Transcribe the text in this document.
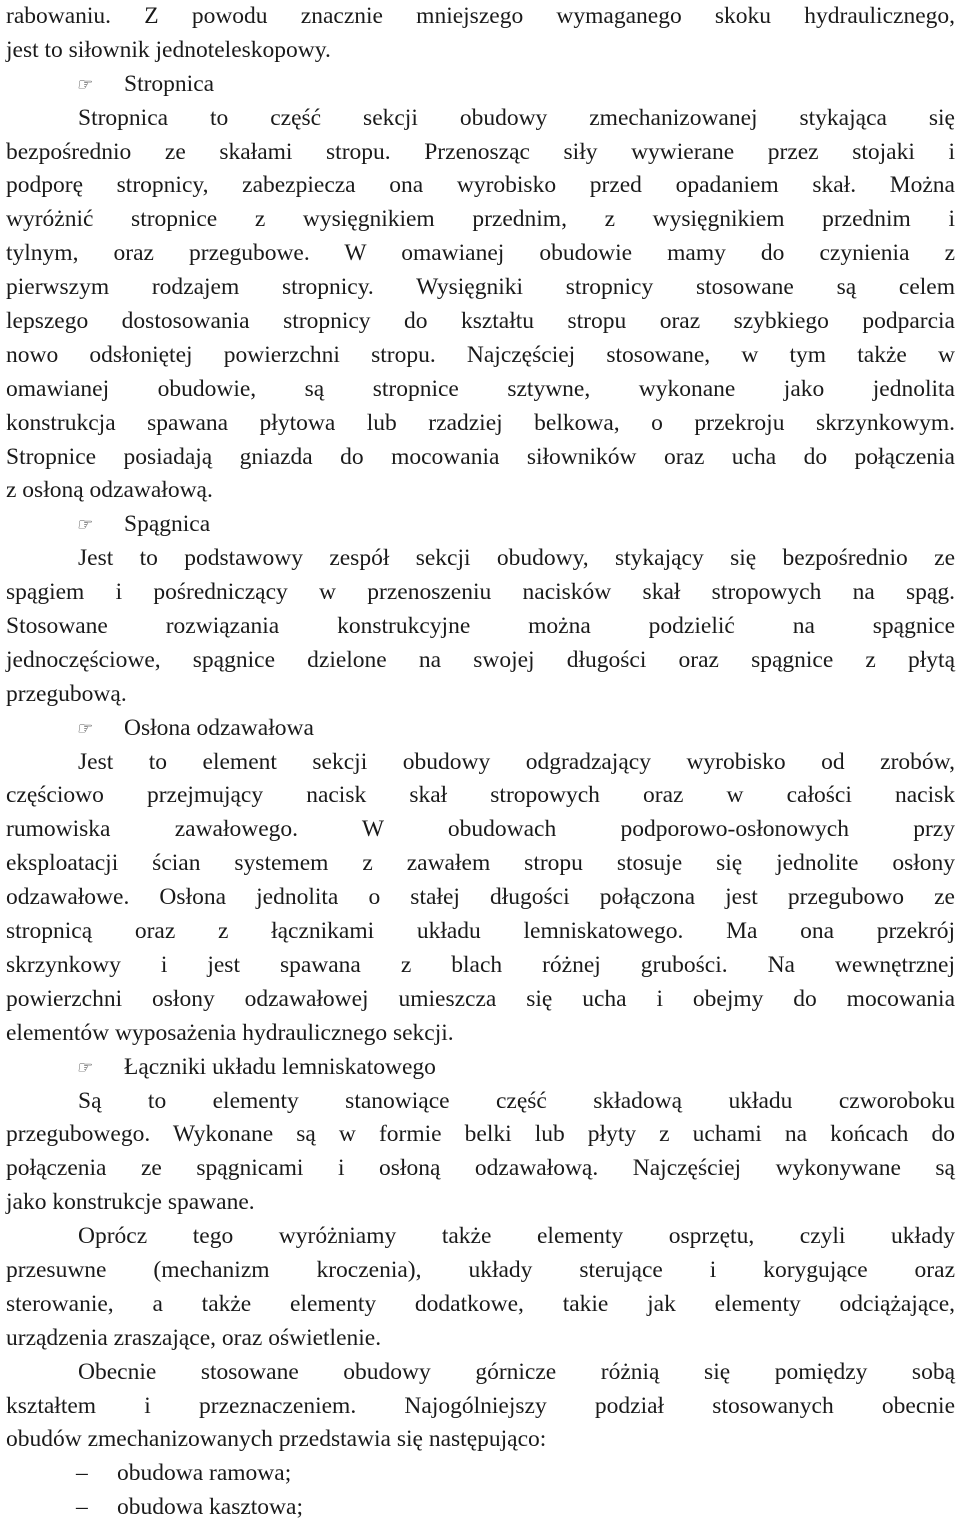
rabowaniu. Z powodu znacznie mniejszego wymaganego skoku hydraulicznego,
jest to siłownik jednoteleskopowy.
☞ Stropnica
Stropnica to część sekcji obudowy zmechanizowanej stykająca się
bezpośrednio ze skałami stropu. Przenosząc siły wywierane przez stojaki i
podporę stropnicy, zabezpiecza ona wyrobisko przed opadaniem skał. Można
wyróżnić stropnice z wysięgnikiem przednim, z wysięgnikiem przednim i
tylnym, oraz przegubowe. W omawianej obudowie mamy do czynienia z
pierwszym rodzajem stropnicy. Wysięgniki stropnicy stosowane są celem
lepszego dostosowania stropnicy do kształtu stropu oraz szybkiego podparcia
nowo odsłoniętej powierzchni stropu. Najczęściej stosowane, w tym także w
omawianej obudowie, są stropnice sztywne, wykonane jako jednolita
konstrukcja spawana płytowa lub rzadziej belkowa, o przekroju skrzynkowym.
Stropnice posiadają gniazda do mocowania siłowników oraz ucha do połączenia
z osłoną odzawałową.
☞ Spągnica
Jest to podstawowy zespół sekcji obudowy, stykający się bezpośrednio ze
spągiem i pośredniczący w przenoszeniu nacisków skał stropowych na spąg.
Stosowane rozwiązania konstrukcyjne można podzielić na spągnice
jednoczęściowe, spągnice dzielone na swojej długości oraz spągnice z płytą
przegubową.
☞ Osłona odzawałowa
Jest to element sekcji obudowy odgradzający wyrobisko od zrobów,
częściowo przejmujący nacisk skał stropowych oraz w całości nacisk
rumowiska zawałowego. W obudowach podporowo-osłonowych przy
eksploatacji ścian systemem z zawałem stropu stosuje się jednolite osłony
odzawałowe. Osłona jednolita o stałej długości połączona jest przegubowo ze
stropnicą oraz z łącznikami układu lemniskatowego. Ma ona przekrój
skrzynkowy i jest spawana z blach różnej grubości. Na wewnętrznej
powierzchni osłony odzawałowej umieszcza się ucha i obejmy do mocowania
elementów wyposażenia hydraulicznego sekcji.
☞ Łączniki układu lemniskatowego
Są to elementy stanowiące część składową układu czworoboku
przegubowego. Wykonane są w formie belki lub płyty z uchami na końcach do
połączenia ze spągnicami i osłoną odzawałową. Najczęściej wykonywane są
jako konstrukcje spawane.
Oprócz tego wyróżniamy także elementy osprzętu, czyli układy
przesuwne (mechanizm kroczenia), układy sterujące i korygujące oraz
sterowanie, a także elementy dodatkowe, takie jak elementy odciążające,
urządzenia zraszające, oraz oświetlenie.
Obecnie stosowane obudowy górnicze różnią się pomiędzy sobą
kształtem i przeznaczeniem. Najogólniejszy podział stosowanych obecnie
obudów zmechanizowanych przedstawia się następująco:
– obudowa ramowa;
– obudowa kasztowa;
